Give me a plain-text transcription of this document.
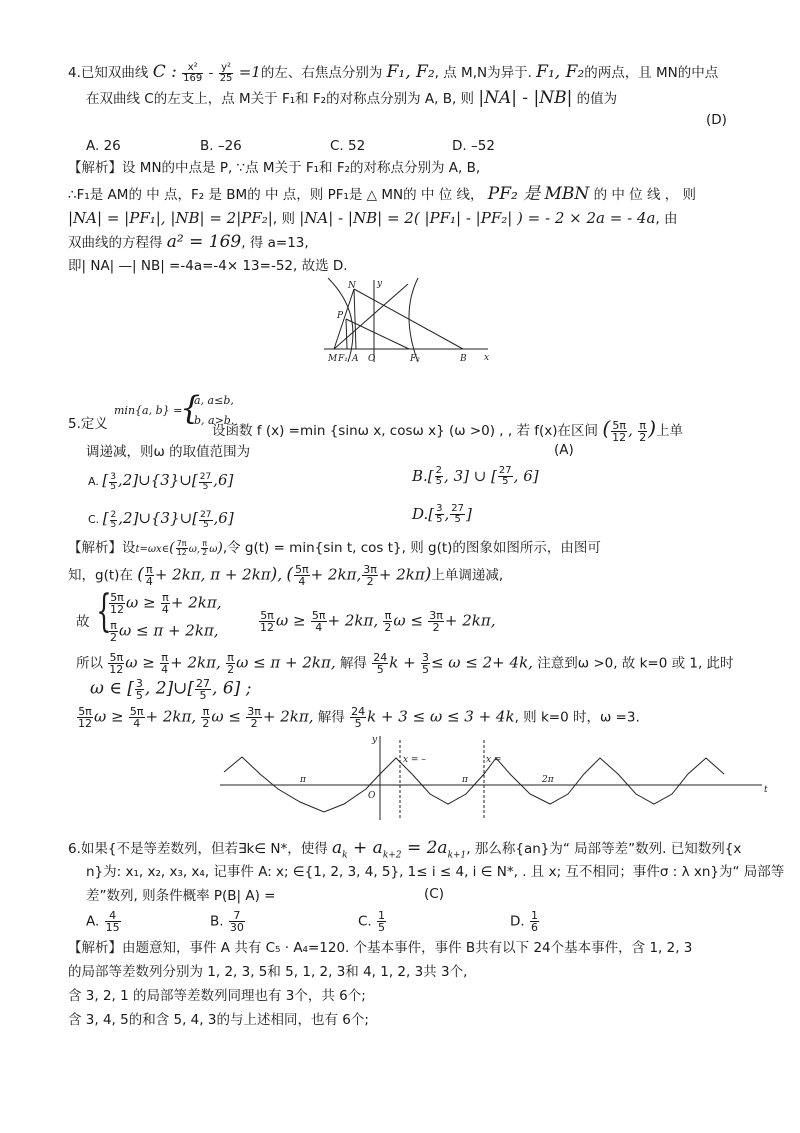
4.已知双曲线 C : $\frac{\text{x²}}{169} - \frac{\text{y²}}{25} =1$的左、右焦点分别为 F₁, F₂, 点 M,N为异于. F₁, F₂的两点，且 MN的中点
在双曲线 C的左支上，点 M关于 F₁和 F₂的对称点分别为 A, B, 则 |NA| - |NB| 的值为
(D)
A. 26	B. –26	C. 52	D. –52
【解析】设 MN的中点是 P, ∵点 M关于 F₁和 F₂的对称点分别为 A, B,
∴F₁是 AM的 中 点，F₂ 是 BM的 中 点，则 PF₁是 △ MN的 中 位 线， PF₂ 是 MBN 的 中 位 线 ， 则
|NA| = |PF₁|, |NB| = 2|PF₂|, 则 |NA| - |NB| = 2( |PF₁| - |PF₂| ) = - 2 × 2a = - 4a, 由
双曲线的方程得 a² = 169, 得 a=13,
即| NA| —| NB| =-4a=-4× 13=-52, 故选 D.
y
N
P
M F₁ A O	F₂	B x
5.定义
min{a, b} =
{
a, a≤b,
b, a>b.
设函数 f (x) =min {sinω x, cosω x} (ω >0) , , 若 f(x)在区间 ( $\frac{5\pi}{12}$ , $\frac{\pi}{2}$ )上单
调递减，则ω 的取值范围为	(A)
A. [ $\frac{3}{5}$ ,2]∪{3}∪[ $\frac{27}{5} ,6$]	$B.[ \frac{2}{5}$ , 3] ∪ [ $\frac{27}{5}$ , 6]
C. [ $\frac{2}{5}$ ,2]∪{3}∪[ $\frac{27}{5} ,6$]	$D.[ \frac{3}{5}$ , $\frac{27}{5}$ ]
【解析】设t=ωx∈( $\frac{7\pi}{12} \omega$, $\frac{\pi}{2} \omega$),令 g(t) = min{sin t, cos t}, 则 g(t)的图象如图所示，由图可
知，g(t)在 ( $\frac{\pi}{4} + 2k\pi$, π + 2kπ), ( $\frac{5\pi}{4} + 2k\pi$, $\frac{3\pi}{2} + 2k\pi$)上单调递减,
故 {
$\frac{5\pi}{12}$ $\omega \ge \frac{\pi}{4} + 2k\pi$,
$\frac{\pi}{2}$ ω ≤ π + 2kπ,	$\frac{5\pi}{12}$ $\omega \ge \frac{5\pi}{4} + 2k\pi$, $\frac{\pi}{2}$ $\omega \le \frac{3\pi}{2} + 2k\pi$,
所以 $\frac{5\pi}{12}$ $\omega \ge \frac{\pi}{4} + 2k\pi$, $\frac{\pi}{2}$ ω ≤ π + 2kπ, 解得 $\frac{24}{5}$ $k + \frac{3}{5} \le \omega \le 2+ 4k$, 注意到ω >0, 故 k=0 或 1, 此时
ω ∈ [ $\frac{3}{5}$ , 2]∪[ $\frac{27}{5}$ , 6] ;
$\frac{5\pi}{12}$ $\omega \ge \frac{5\pi}{4} + 2k\pi$, $\frac{\pi}{2}$ $\omega \le \frac{3\pi}{2} + 2k\pi$, 解得 $\frac{24}{5}$ k + 3 ≤ ω ≤ 3 + 4k, 则 k=0 时，ω =3.
y
t
O
x = –	x =
π	π	2π
6.如果{不是等差数列，但若∃k∈ N*，使得 $a_k + a_{k+2} = 2a_{k+1}$, 那么称{an}为“ 局部等差”数列. 已知数列{x
n}为: x₁, x₂, x₃, x₄, 记事件 A: x; ∈{1, 2, 3, 4, 5}, 1≤ i ≤ 4, i ∈ N*, . 且 x; 互不相同；事件σ : λ xn}为“ 局部等
差”数列, 则条件概率 P(B| A) =	(C)
A. $\frac{4}{15}$	B. $\frac{7}{30}$	C. $\frac{1}{5}$	D. $\frac{1}{6}$
【解析】由题意知，事件 A 共有 C₅ · A₄=120. 个基本事件，事件 B共有以下 24个基本事件，含 1, 2, 3
的局部等差数列分别为 1, 2, 3, 5和 5, 1, 2, 3和 4, 1, 2, 3共 3个,
含 3, 2, 1 的局部等差数列同理也有 3个，共 6个;
含 3, 4, 5的和含 5, 4, 3的与上述相同，也有 6个;
